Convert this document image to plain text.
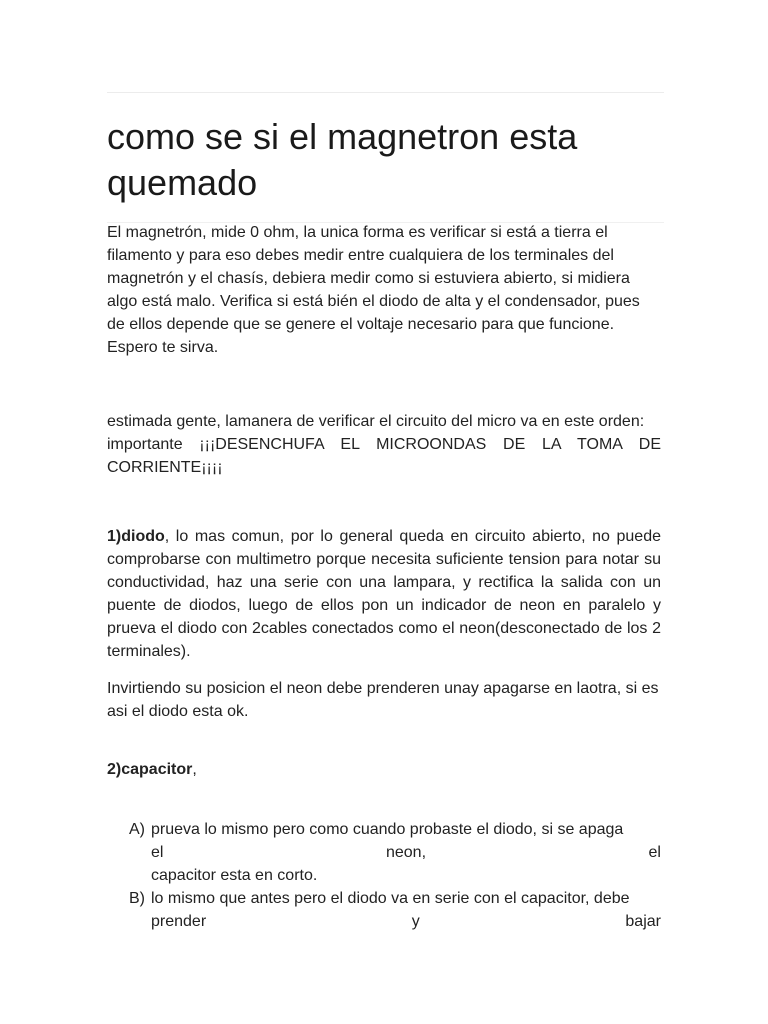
como se si el magnetron esta quemado

El magnetrón, mide 0 ohm, la unica forma es verificar si está a tierra el filamento y para eso debes medir entre cualquiera de los terminales del magnetrón y el chasís, debiera medir como si estuviera abierto, si midiera algo está malo. Verifica si está bién el diodo de alta y el condensador, pues de ellos depende que se genere el voltaje necesario para que funcione. Espero te sirva.

estimada gente, lamanera de verificar el circuito del micro va en este orden:
importante ¡¡¡DESENCHUFA EL MICROONDAS DE LA TOMA DE CORRIENTE¡¡¡¡

1)diodo, lo mas comun, por lo general queda en circuito abierto, no puede comprobarse con multimetro porque necesita suficiente tension para notar su conductividad, haz una serie con una lampara, y rectifica la salida con un puente de diodos, luego de ellos pon un indicador de neon en paralelo y prueva el diodo con 2cables conectados como el neon(desconectado de los 2 terminales).

Invirtiendo su posicion el neon debe prenderen unay apagarse en laotra, si es asi el diodo esta ok.

2)capacitor,

A) prueva lo mismo pero como cuando probaste el diodo, si se apaga
el	neon,	el
capacitor esta en corto.
B) lo mismo que antes pero el diodo va en serie con el capacitor, debe
prender	y	bajar
